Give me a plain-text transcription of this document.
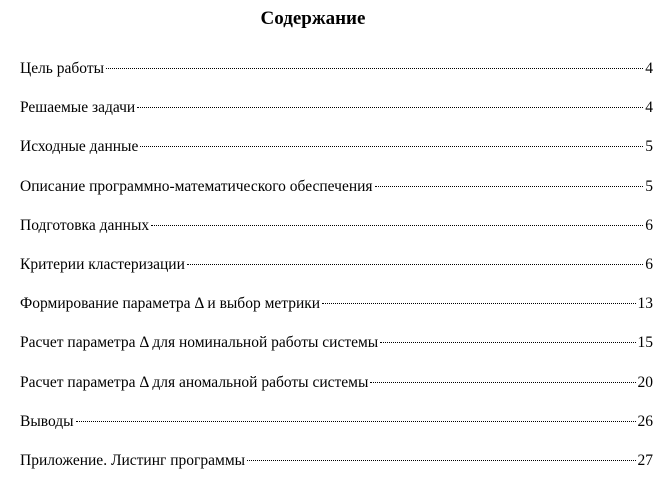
Содержание
Цель работы	4
Решаемые задачи	4
Исходные данные	5
Описание программно-математического обеспечения	5
Подготовка данных	6
Критерии кластеризации	6
Формирование параметра Δ и выбор метрики	13
Расчет параметра Δ для номинальной работы системы	15
Расчет параметра Δ для аномальной работы системы	20
Выводы	26
Приложение. Листинг программы	27
